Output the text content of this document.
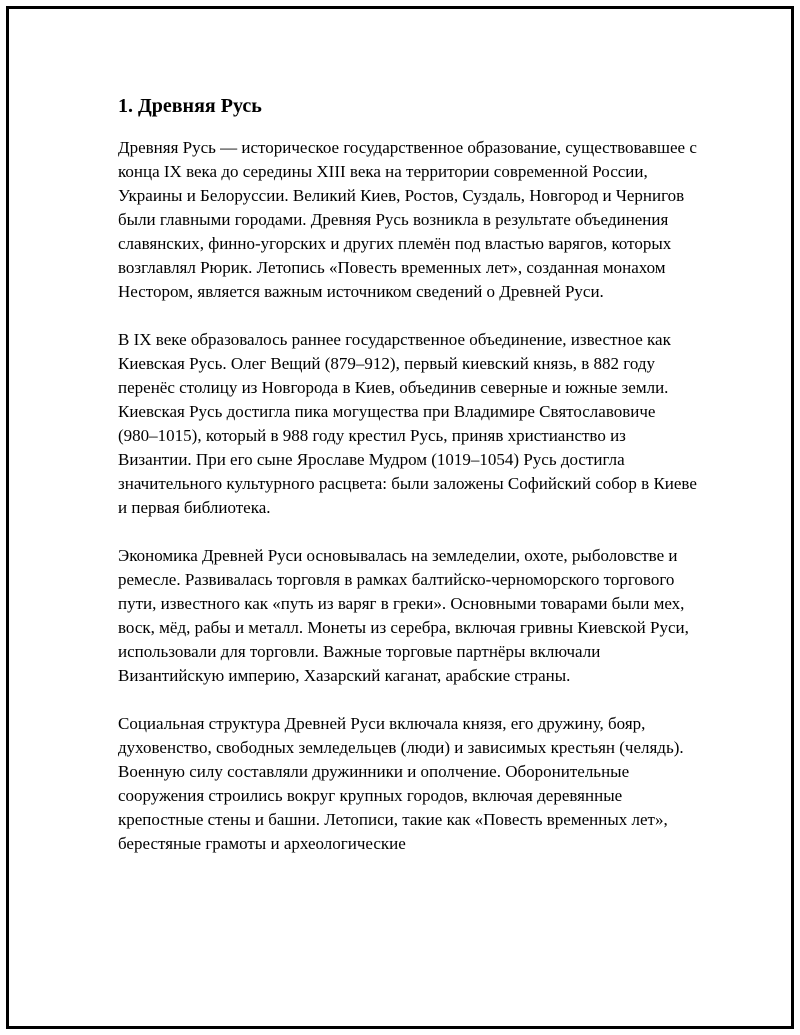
1. Древняя Русь

Древняя Русь — историческое государственное образование, существовавшее с конца IX века до середины XIII века на территории современной России, Украины и Белоруссии. Великий Киев, Ростов, Суздаль, Новгород и Чернигов были главными городами. Древняя Русь возникла в результате объединения славянских, финно-угорских и других племён под властью варягов, которых возглавлял Рюрик. Летопись «Повесть временных лет», созданная монахом Нестором, является важным источником сведений о Древней Руси.

В IX веке образовалось раннее государственное объединение, известное как Киевская Русь. Олег Вещий (879–912), первый киевский князь, в 882 году перенёс столицу из Новгорода в Киев, объединив северные и южные земли. Киевская Русь достигла пика могущества при Владимире Святославовиче (980–1015), который в 988 году крестил Русь, приняв христианство из Византии. При его сыне Ярославе Мудром (1019–1054) Русь достигла значительного культурного расцвета: были заложены Софийский собор в Киеве и первая библиотека.

Экономика Древней Руси основывалась на земледелии, охоте, рыболовстве и ремесле. Развивалась торговля в рамках балтийско-черноморского торгового пути, известного как «путь из варяг в греки». Основными товарами были мех, воск, мёд, рабы и металл. Монеты из серебра, включая гривны Киевской Руси, использовали для торговли. Важные торговые партнёры включали Византийскую империю, Хазарский каганат, арабские страны.

Социальная структура Древней Руси включала князя, его дружину, бояр, духовенство, свободных земледельцев (люди) и зависимых крестьян (челядь). Военную силу составляли дружинники и ополчение. Оборонительные сооружения строились вокруг крупных городов, включая деревянные крепостные стены и башни. Летописи, такие как «Повесть временных лет», берестяные грамоты и археологические
